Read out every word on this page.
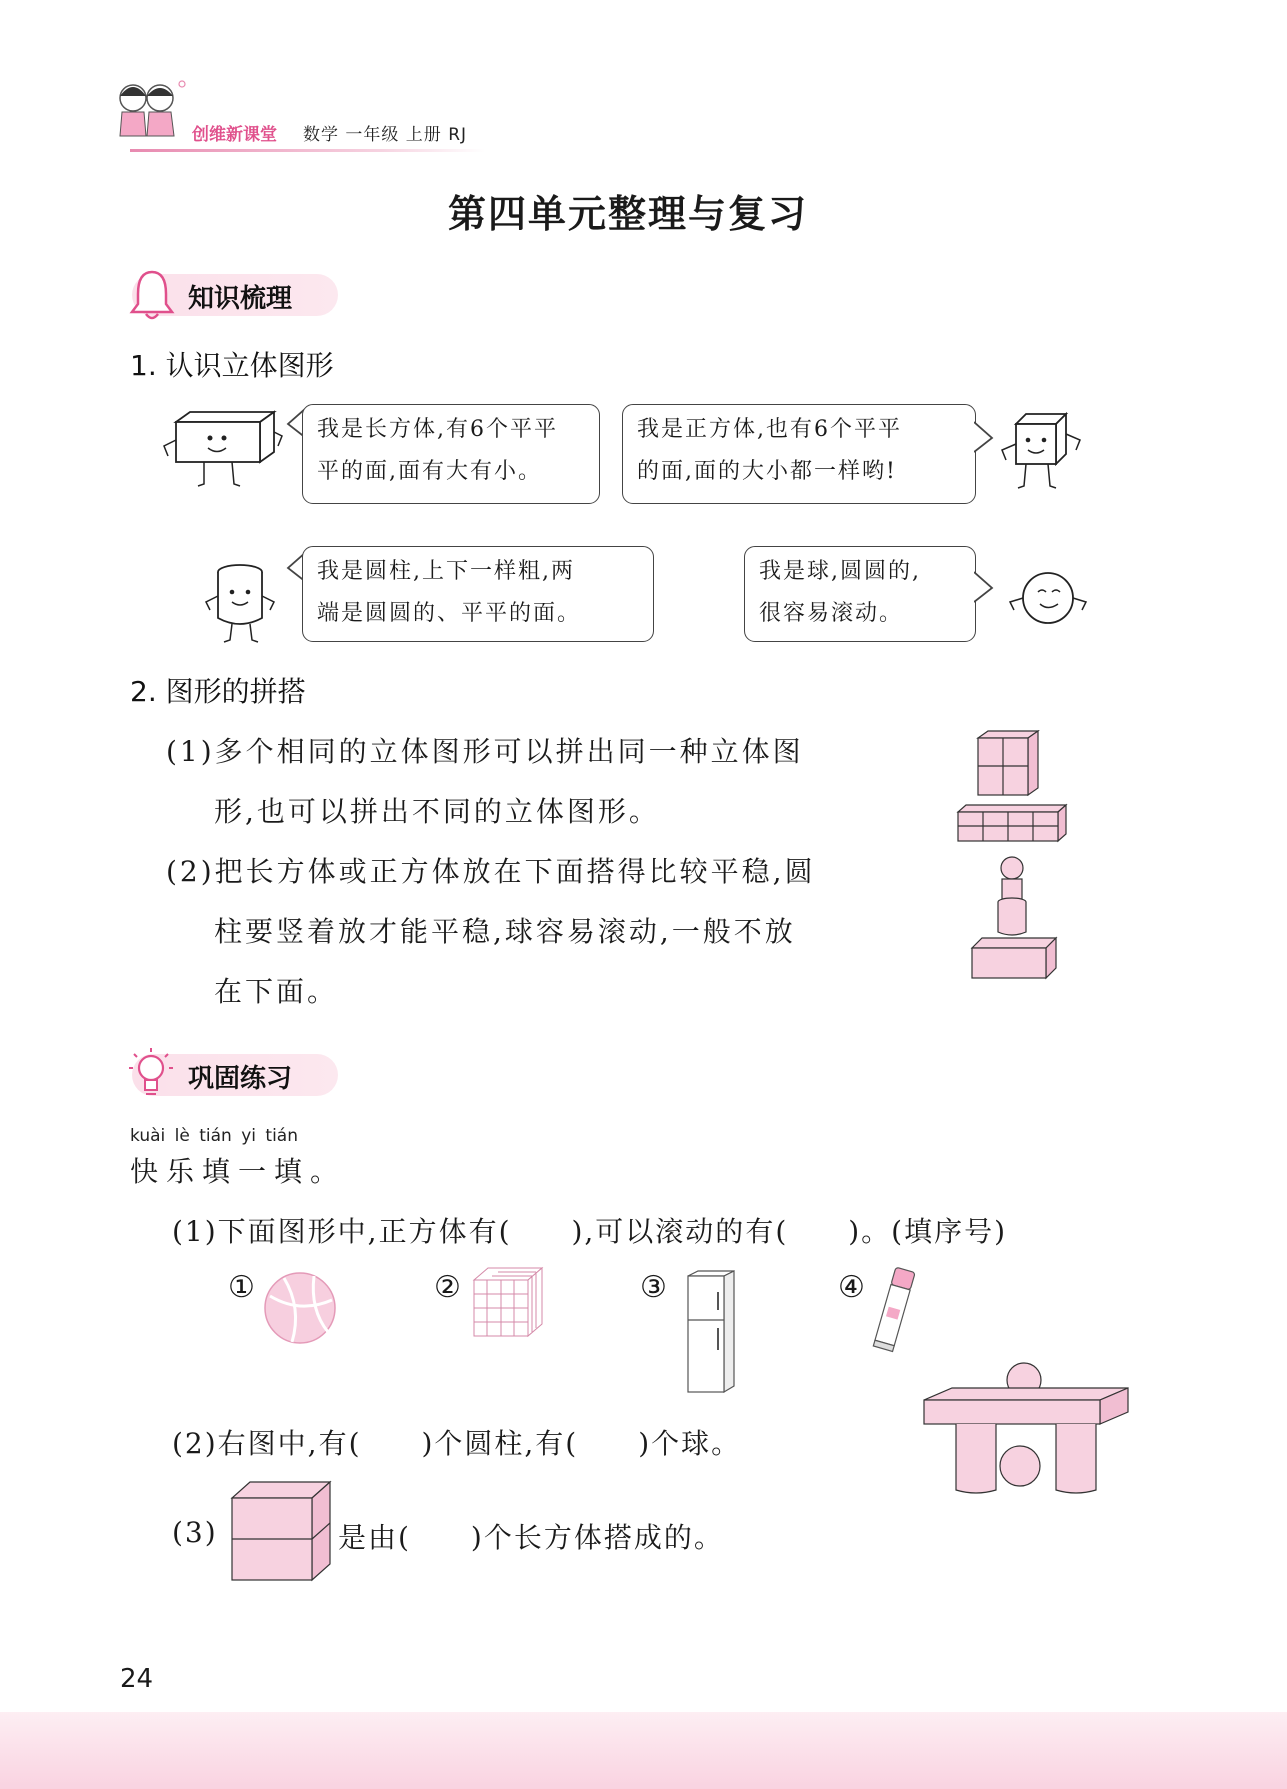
创维新课堂 数学 一年级 上册 RJ
第四单元整理与复习
知识梳理
1. 认识立体图形
我是长方体,有6个平平
平的面,面有大有小。
我是正方体,也有6个平平
的面,面的大小都一样哟!
我是圆柱,上下一样粗,两
端是圆圆的、平平的面。
我是球,圆圆的,
很容易滚动。
2. 图形的拼搭
(1)多个相同的立体图形可以拼出同一种立体图
形,也可以拼出不同的立体图形。
(2)把长方体或正方体放在下面搭得比较平稳,圆
柱要竖着放才能平稳,球容易滚动,一般不放
在下面。
巩固练习
kuài lè tián yi tián
快乐填一填。
(1)下面图形中,正方体有(　　),可以滚动的有(　　)。(填序号)
①	②	③	④
(2)右图中,有(　　)个圆柱,有(　　)个球。
(3)	是由(　　)个长方体搭成的。
24
